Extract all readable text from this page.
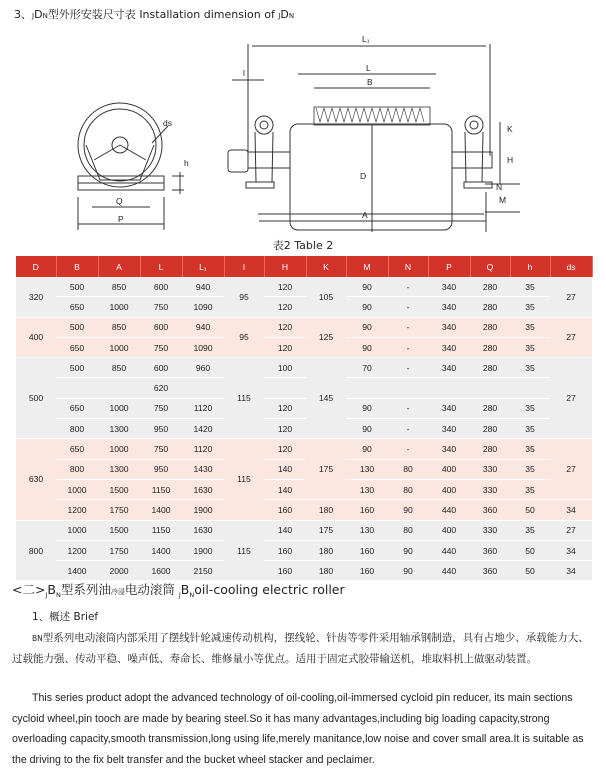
3、JDN型外形安装尺寸表 Installation dimension of JDN
ds
h
Q
P
L₁
l	L
B
D
K
H
N
M
A
表2 Table 2
D	B	A	L	L₁	l	H	K	M	N	P	Q	h	ds
320	500	850	600	940	95	120	105	90	-	340	280	35	27
	650	1000	750	1090		120		90	-	340	280	35	
400	500	850	600	940	95	120	125	90	-	340	280	35	27
	650	1000	750	1090		120		90	-	340	280	35	
500	500	850	600	960	115	100	145	70	-	340	280	35	27
			620										
	650	1000	750	1120		120		90	-	340	280	35	
	800	1300	950	1420		120		90	-	340	280	35	
630	650	1000	750	1120	115	120	175	90	-	340	280	35	27
	800	1300	950	1430		140		130	80	400	330	35	
	1000	1500	1150	1630		140		130	80	400	330	35	
	1200	1750	1400	1900		160	180	160	90	440	360	50	34
800	1000	1500	1150	1630	115	140	175	130	80	400	330	35	27
	1200	1750	1400	1900		160	180	160	90	440	360	50	34
	1400	2000	1600	2150		160	180	160	90	440	360	50	34
<二$>_JB_N$型系列油冷浸电动滚筒 $_JB_Noil$-cooling electric roller
1、概述 Brief
BN型系列电动滚筒内部采用了摆线针轮减速传动机构，摆线轮、针齿等零件采用轴承钢制造，具有占地少、承载能力大、过载能力强、传动平稳、噪声低、寿命长、维修量小等优点。适用于固定式胶带输送机，堆取料机上做驱动装置。
This series product adopt the advanced technology of oil-cooling,oil-immersed cycloid pin reducer, its main sections cycloid wheel,pin tooch are made by bearing steel.So it has many advantages,including big loading capacity,strong overloading capacity,smooth transmission,long using life,merely manitance,low noise and cover small area.It is suitable as the driving to the fix belt transfer and the bucket wheel stacker and peclaimer.
